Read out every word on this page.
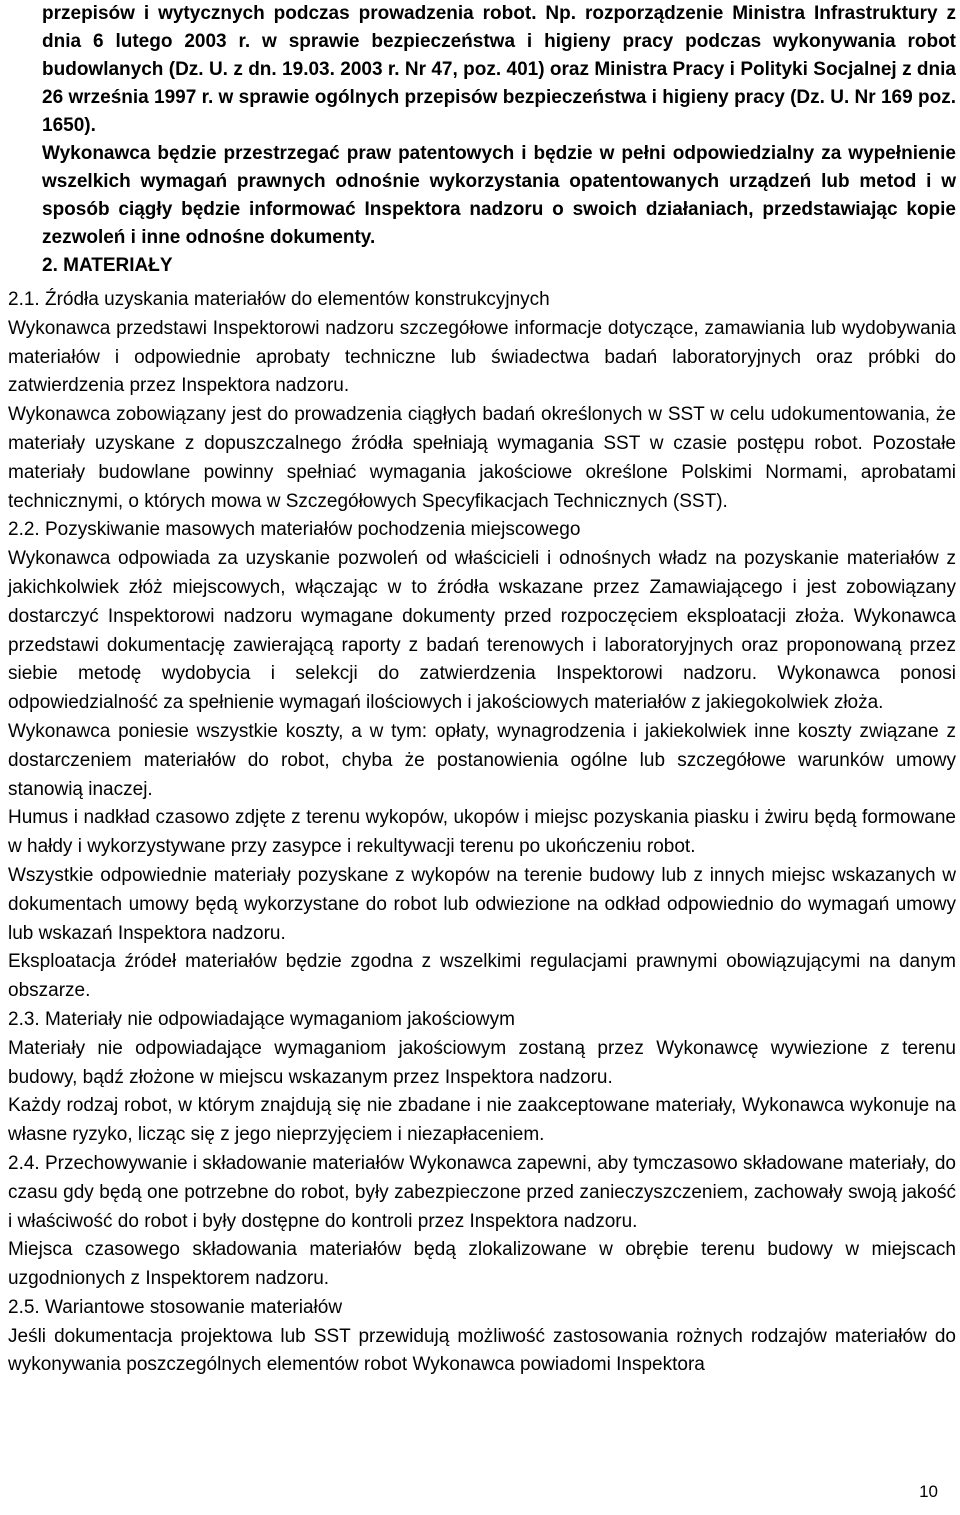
przepisów i wytycznych podczas prowadzenia robot. Np. rozporządzenie Ministra Infrastruktury z dnia 6 lutego 2003 r. w sprawie bezpieczeństwa i higieny pracy podczas wykonywania robot budowlanych (Dz. U. z dn. 19.03. 2003 r. Nr 47, poz. 401) oraz Ministra Pracy i Polityki Socjalnej z dnia 26 września 1997 r. w sprawie ogólnych przepisów bezpieczeństwa i higieny pracy (Dz. U. Nr 169 poz. 1650).

Wykonawca będzie przestrzegać praw patentowych i będzie w pełni odpowiedzialny za wypełnienie wszelkich wymagań prawnych odnośnie wykorzystania opatentowanych urządzeń lub metod i w sposób ciągły będzie informować Inspektora nadzoru o swoich działaniach, przedstawiając kopie zezwoleń i inne odnośne dokumenty.

2. MATERIAŁY

2.1. Źródła uzyskania materiałów do elementów konstrukcyjnych

Wykonawca przedstawi Inspektorowi nadzoru szczegółowe informacje dotyczące, zamawiania lub wydobywania materiałów i odpowiednie aprobaty techniczne lub świadectwa badań laboratoryjnych oraz próbki do zatwierdzenia przez Inspektora nadzoru.

Wykonawca zobowiązany jest do prowadzenia ciągłych badań określonych w SST w celu udokumentowania, że materiały uzyskane z dopuszczalnego źródła spełniają wymagania SST w czasie postępu robot. Pozostałe materiały budowlane powinny spełniać wymagania jakościowe określone Polskimi Normami, aprobatami technicznymi, o których mowa w Szczegółowych Specyfikacjach Technicznych (SST).

2.2. Pozyskiwanie masowych materiałów pochodzenia miejscowego

Wykonawca odpowiada za uzyskanie pozwoleń od właścicieli i odnośnych władz na pozyskanie materiałów z jakichkolwiek złóż miejscowych, włączając w to źródła wskazane przez Zamawiającego i jest zobowiązany dostarczyć Inspektorowi nadzoru wymagane dokumenty przed rozpoczęciem eksploatacji złoża. Wykonawca przedstawi dokumentację zawierającą raporty z badań terenowych i laboratoryjnych oraz proponowaną przez siebie metodę wydobycia i selekcji do zatwierdzenia Inspektorowi nadzoru. Wykonawca ponosi odpowiedzialność za spełnienie wymagań ilościowych i jakościowych materiałów z jakiegokolwiek złoża.

Wykonawca poniesie wszystkie koszty, a w tym: opłaty, wynagrodzenia i jakiekolwiek inne koszty związane z dostarczeniem materiałów do robot, chyba że postanowienia ogólne lub szczegółowe warunków umowy stanowią inaczej.

Humus i nadkład czasowo zdjęte z terenu wykopów, ukopów i miejsc pozyskania piasku i żwiru będą formowane w hałdy i wykorzystywane przy zasypce i rekultywacji terenu po ukończeniu robot.

Wszystkie odpowiednie materiały pozyskane z wykopów na terenie budowy lub z innych miejsc wskazanych w dokumentach umowy będą wykorzystane do robot lub odwiezione na odkład odpowiednio do wymagań umowy lub wskazań Inspektora nadzoru.

Eksploatacja źródeł materiałów będzie zgodna z wszelkimi regulacjami prawnymi obowiązującymi na danym obszarze.

2.3. Materiały nie odpowiadające wymaganiom jakościowym

Materiały nie odpowiadające wymaganiom jakościowym zostaną przez Wykonawcę wywiezione z terenu budowy, bądź złożone w miejscu wskazanym przez Inspektora nadzoru.

Każdy rodzaj robot, w którym znajdują się nie zbadane i nie zaakceptowane materiały, Wykonawca wykonuje na własne ryzyko, licząc się z jego nieprzyjęciem i niezapłaceniem.

2.4. Przechowywanie i składowanie materiałów Wykonawca zapewni, aby tymczasowo składowane materiały, do czasu gdy będą one potrzebne do robot, były zabezpieczone przed zanieczyszczeniem, zachowały swoją jakość i właściwość do robot i były dostępne do kontroli przez Inspektora nadzoru.

Miejsca czasowego składowania materiałów będą zlokalizowane w obrębie terenu budowy w miejscach uzgodnionych z Inspektorem nadzoru.

2.5. Wariantowe stosowanie materiałów

Jeśli dokumentacja projektowa lub SST przewidują możliwość zastosowania rożnych rodzajów materiałów do wykonywania poszczególnych elementów robot Wykonawca powiadomi Inspektora

10
